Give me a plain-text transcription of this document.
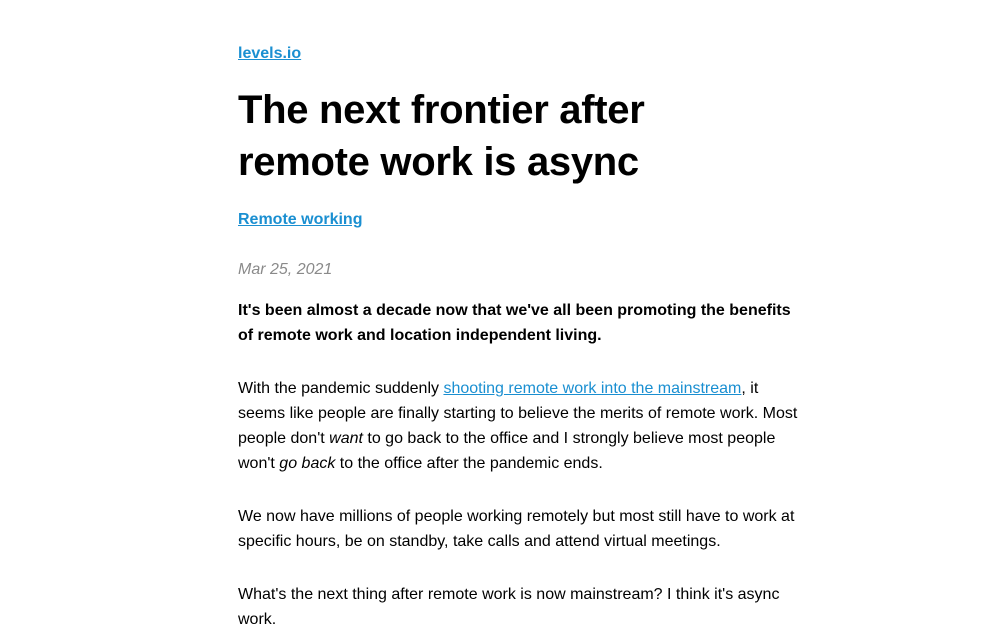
levels.io
The next frontier after
remote work is async
Remote working
Mar 25, 2021

It's been almost a decade now that we've all been promoting the benefits of remote work and location independent living.

With the pandemic suddenly shooting remote work into the mainstream, it seems like people are finally starting to believe the merits of remote work. Most people don't want to go back to the office and I strongly believe most people won't go back to the office after the pandemic ends.

We now have millions of people working remotely but most still have to work at specific hours, be on standby, take calls and attend virtual meetings.

What's the next thing after remote work is now mainstream? I think it's async work.
